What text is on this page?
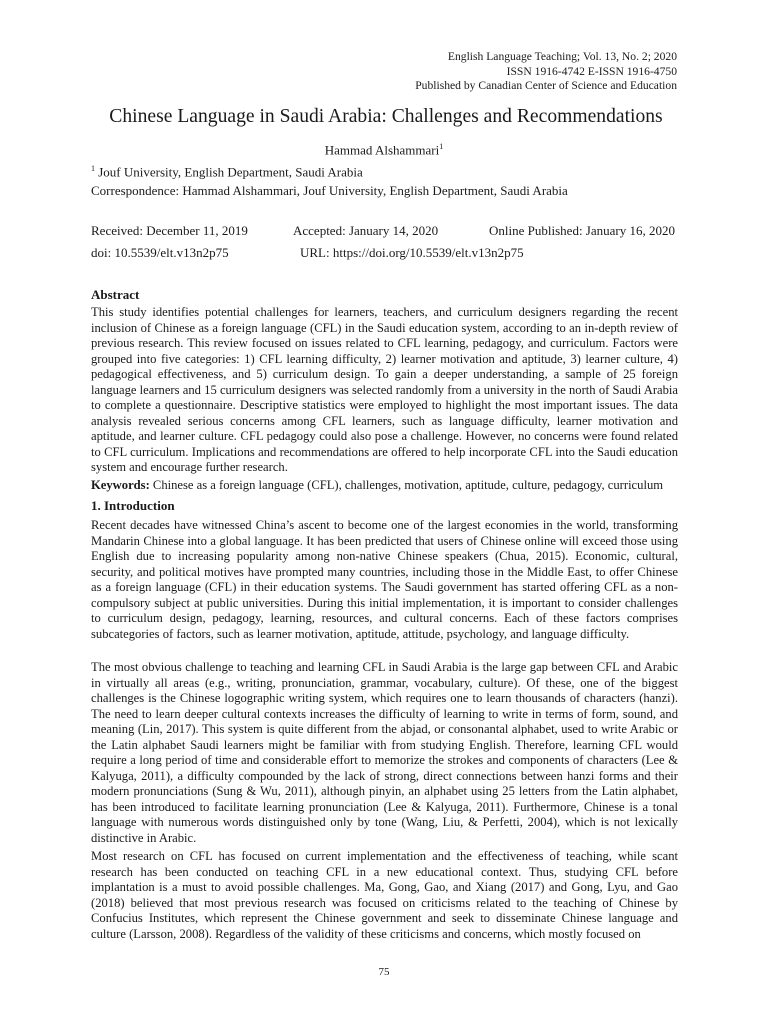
English Language Teaching; Vol. 13, No. 2; 2020
ISSN 1916-4742 E-ISSN 1916-4750
Published by Canadian Center of Science and Education
Chinese Language in Saudi Arabia: Challenges and Recommendations
Hammad Alshammari$^1$
$^1$ Jouf University, English Department, Saudi Arabia
Correspondence: Hammad Alshammari, Jouf University, English Department, Saudi Arabia
Received: December 11, 2019	Accepted: January 14, 2020	Online Published: January 16, 2020
doi: 10.5539/elt.v13n2p75	URL: https://doi.org/10.5539/elt.v13n2p75
Abstract

This study identifies potential challenges for learners, teachers, and curriculum designers regarding the recent inclusion of Chinese as a foreign language (CFL) in the Saudi education system, according to an in-depth review of previous research. This review focused on issues related to CFL learning, pedagogy, and curriculum. Factors were grouped into five categories: 1) CFL learning difficulty, 2) learner motivation and aptitude, 3) learner culture, 4) pedagogical effectiveness, and 5) curriculum design. To gain a deeper understanding, a sample of 25 foreign language learners and 15 curriculum designers was selected randomly from a university in the north of Saudi Arabia to complete a questionnaire. Descriptive statistics were employed to highlight the most important issues. The data analysis revealed serious concerns among CFL learners, such as language difficulty, learner motivation and aptitude, and learner culture. CFL pedagogy could also pose a challenge. However, no concerns were found related to CFL curriculum. Implications and recommendations are offered to help incorporate CFL into the Saudi education system and encourage further research.

Keywords: Chinese as a foreign language (CFL), challenges, motivation, aptitude, culture, pedagogy, curriculum

1. Introduction

Recent decades have witnessed China’s ascent to become one of the largest economies in the world, transforming Mandarin Chinese into a global language. It has been predicted that users of Chinese online will exceed those using English due to increasing popularity among non-native Chinese speakers (Chua, 2015). Economic, cultural, security, and political motives have prompted many countries, including those in the Middle East, to offer Chinese as a foreign language (CFL) in their education systems. The Saudi government has started offering CFL as a non-compulsory subject at public universities. During this initial implementation, it is important to consider challenges to curriculum design, pedagogy, learning, resources, and cultural concerns. Each of these factors comprises subcategories of factors, such as learner motivation, aptitude, attitude, psychology, and language difficulty.

The most obvious challenge to teaching and learning CFL in Saudi Arabia is the large gap between CFL and Arabic in virtually all areas (e.g., writing, pronunciation, grammar, vocabulary, culture). Of these, one of the biggest challenges is the Chinese logographic writing system, which requires one to learn thousands of characters (hanzi). The need to learn deeper cultural contexts increases the difficulty of learning to write in terms of form, sound, and meaning (Lin, 2017). This system is quite different from the abjad, or consonantal alphabet, used to write Arabic or the Latin alphabet Saudi learners might be familiar with from studying English. Therefore, learning CFL would require a long period of time and considerable effort to memorize the strokes and components of characters (Lee & Kalyuga, 2011), a difficulty compounded by the lack of strong, direct connections between hanzi forms and their modern pronunciations (Sung & Wu, 2011), although pinyin, an alphabet using 25 letters from the Latin alphabet, has been introduced to facilitate learning pronunciation (Lee & Kalyuga, 2011). Furthermore, Chinese is a tonal language with numerous words distinguished only by tone (Wang, Liu, & Perfetti, 2004), which is not lexically distinctive in Arabic.

Most research on CFL has focused on current implementation and the effectiveness of teaching, while scant research has been conducted on teaching CFL in a new educational context. Thus, studying CFL before implantation is a must to avoid possible challenges. Ma, Gong, Gao, and Xiang (2017) and Gong, Lyu, and Gao (2018) believed that most previous research was focused on criticisms related to the teaching of Chinese by Confucius Institutes, which represent the Chinese government and seek to disseminate Chinese language and culture (Larsson, 2008). Regardless of the validity of these criticisms and concerns, which mostly focused on

75
